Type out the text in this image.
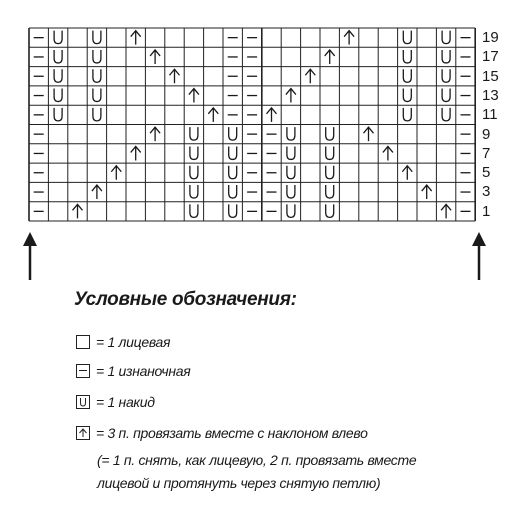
19
17
15
13
11
9
7
5
3
1
Условные обозначения:
= 1 лицевая
= 1 изнаночная
= 1 накид
= 3 п. провязать вместе с наклоном влево
(= 1 п. снять, как лицевую, 2 п. провязать вместе
лицевой и протянуть через снятую петлю)
